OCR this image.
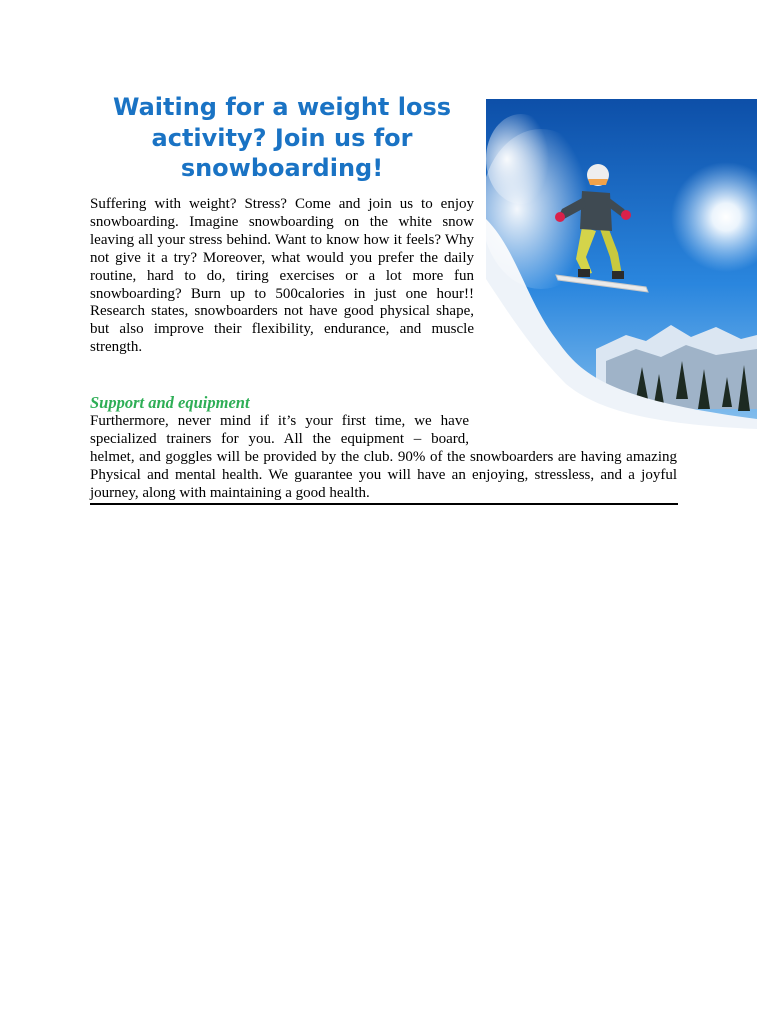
Waiting for a weight loss activity? Join us for snowboarding!

Suffering with weight? Stress? Come and join us to enjoy snowboarding. Imagine snowboarding on the white snow leaving all your stress behind. Want to know how it feels? Why not give it a try? Moreover, what would you prefer the daily routine, hard to do, tiring exercises or a lot more fun snowboarding? Burn up to 500calories in just one hour!! Research states, snowboarders not have good physical shape, but also improve their flexibility, endurance, and muscle strength.

Support and equipment

Furthermore, never mind if it’s your first time, we have specialized trainers for you. All the equipment – board, helmet, and goggles will be provided by the club. 90% of the snowboarders are having amazing Physical and mental health. We guarantee you will have an enjoying, stressless, and a joyful journey, along with maintaining a good health.
